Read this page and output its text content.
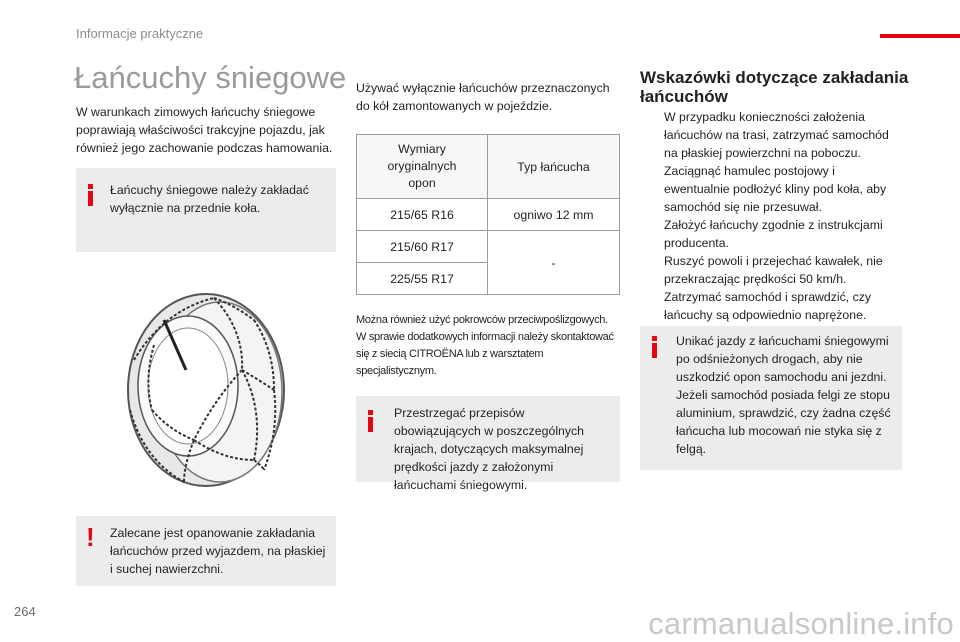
Informacje praktyczne
Łańcuchy śniegowe
W warunkach zimowych łańcuchy śniegowe poprawiają właściwości trakcyjne pojazdu, jak również jego zachowanie podczas hamowania.
Łańcuchy śniegowe należy zakładać wyłącznie na przednie koła.
! Zalecane jest opanowanie zakładania łańcuchów przed wyjazdem, na płaskiej i suchej nawierzchni.
Używać wyłącznie łańcuchów przeznaczonych do kół zamontowanych w pojeździe.
Wymiary oryginalnych opon	Typ łańcucha
215/65 R16	ogniwo 12 mm
215/60 R17	-
225/55 R17	
Można również użyć pokrowców przeciwpoślizgowych. W sprawie dodatkowych informacji należy skontaktować się z siecią CITROËNA lub z warsztatem specjalistycznym.
Przestrzegać przepisów obowiązujących w poszczególnych krajach, dotyczących maksymalnej prędkości jazdy z założonymi łańcuchami śniegowymi.
Wskazówki dotyczące zakładania łańcuchów
W przypadku konieczności założenia łańcuchów na trasi, zatrzymać samochód na płaskiej powierzchni na poboczu.
Zaciągnąć hamulec postojowy i ewentualnie podłożyć kliny pod koła, aby samochód się nie przesuwał.
Założyć łańcuchy zgodnie z instrukcjami producenta.
Ruszyć powoli i przejechać kawałek, nie przekraczając prędkości 50 km/h.
Zatrzymać samochód i sprawdzić, czy łańcuchy są odpowiednio naprężone.
Unikać jazdy z łańcuchami śniegowymi po odśnieżonych drogach, aby nie uszkodzić opon samochodu ani jezdni. Jeżeli samochód posiada felgi ze stopu aluminium, sprawdzić, czy żadna część łańcucha lub mocowań nie styka się z felgą.
264	carmanualsonline.info
